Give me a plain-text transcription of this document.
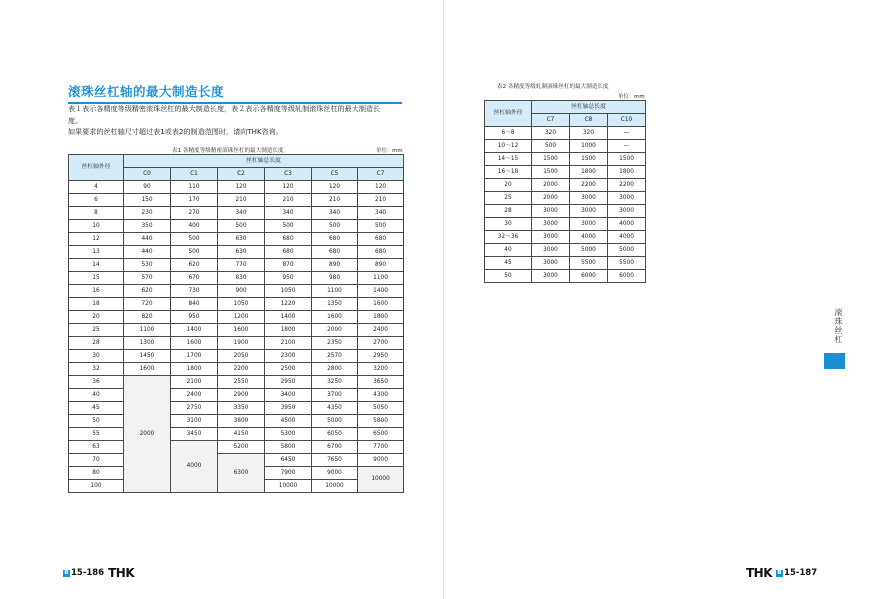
滚珠丝杠轴的最大制造长度

表１表示各精度等级精密滚珠丝杠的最大制造长度，表２表示各精度等级轧制滚珠丝杠的最大制造长

度。

如果要求的丝杠轴尺寸超过表1或表2的制造范围时，请向THK咨询。

表1 各精度等级精密滚珠丝杠的最大制造长度	单位：mm
丝杠轴外径	丝杠轴总长度					
	C0	C1	C2	C3	C5	C7
4	90	110	120	120	120	120
6	150	170	210	210	210	210
8	230	270	340	340	340	340
10	350	400	500	500	500	500
12	440	500	630	680	680	680
13	440	500	630	680	680	680
14	530	620	770	870	890	890
15	570	670	830	950	980	1100
16	620	730	900	1050	1100	1400
18	720	840	1050	1220	1350	1600
20	820	950	1200	1400	1600	1800
25	1100	1400	1600	1800	2000	2400
28	1300	1600	1900	2100	2350	2700
30	1450	1700	2050	2300	2570	2950
32	1600	1800	2200	2500	2800	3200
36	2000	2100	2550	2950	3250	3650
40		2400	2900	3400	3700	4300
45		2750	3350	3950	4350	5050
50		3100	3800	4500	5000	5800
55		3450	4150	5300	6050	6500
63		4000	5200	5800	6700	7700
70			6300	6450	7650	9000
80				7900	9000	10000
100				10000	10000	
B 15-186 THK
表2 各精度等级轧制滚珠丝杠的最大制造长度
单位：mm
丝杠轴外径	丝杠轴总长度		
	C7	C8	C10
6～8	320	320	—
10～12	500	1000	—
14～15	1500	1500	1500
16～18	1500	1800	1800
20	2000	2200	2200
25	2000	3000	3000
28	3000	3000	3000
30	3000	3000	4000
32～36	3000	4000	4000
40	3000	5000	5000
45	3000	5500	5500
50	3000	6000	6000
滚珠丝杠
THK B 15-187
